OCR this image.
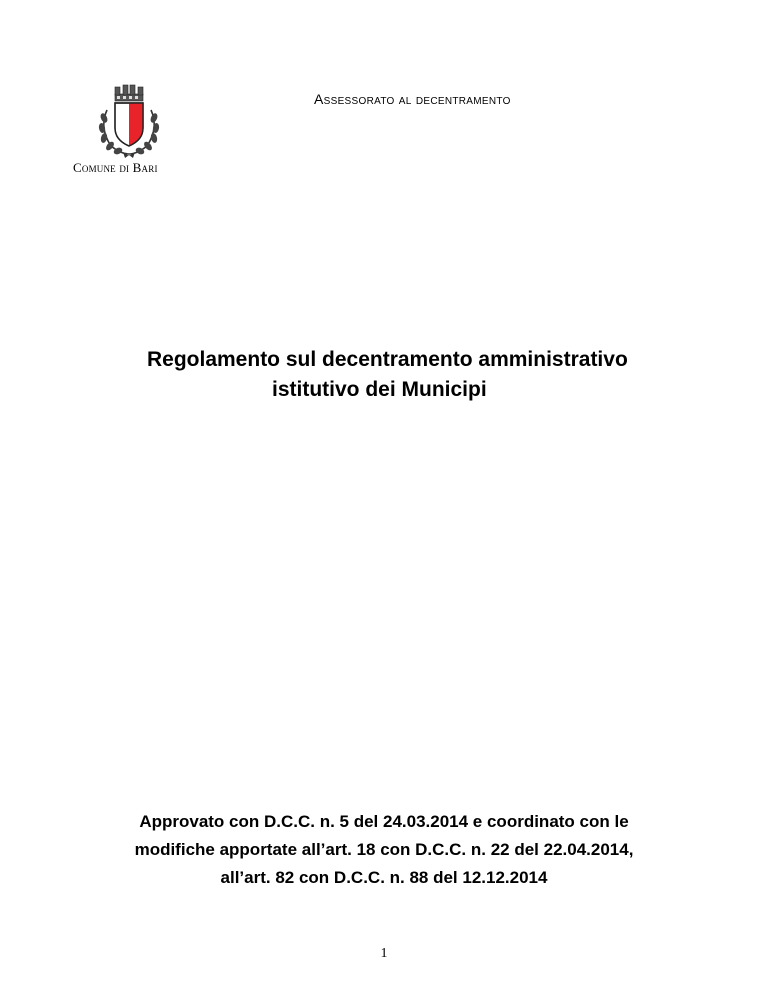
Comune di Bari
Assessorato al decentramento
Regolamento sul decentramento amministrativo
istitutivo dei Municipi
Approvato con D.C.C. n. 5 del 24.03.2014 e coordinato con le
modifiche apportate all’art. 18 con D.C.C. n. 22 del 22.04.2014,
all’art. 82 con D.C.C. n. 88 del 12.12.2014
1
